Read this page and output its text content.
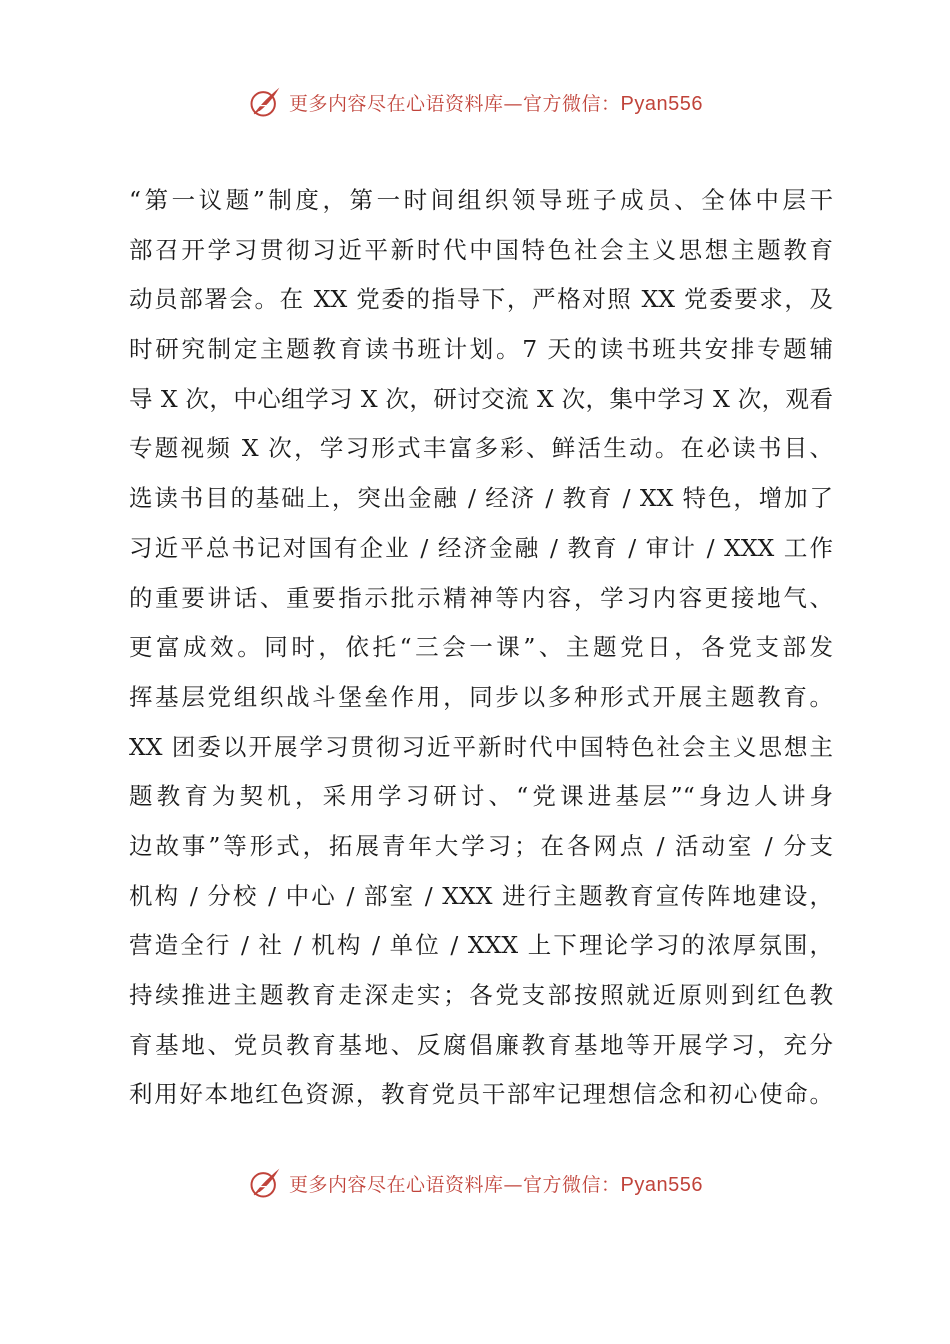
更多内容尽在心语资料库—官方微信：Pyan556
“第一议题”制度，第一时间组织领导班子成员、全体中层干
部召开学习贯彻习近平新时代中国特色社会主义思想主题教育
动员部署会。在 XX 党委的指导下，严格对照 XX 党委要求，及
时研究制定主题教育读书班计划。7 天的读书班共安排专题辅
导 X 次，中心组学习 X 次，研讨交流 X 次，集中学习 X 次，观看
专题视频 X 次，学习形式丰富多彩、鲜活生动。在必读书目、
选读书目的基础上，突出金融 / 经济 / 教育 / XX 特色，增加了
习近平总书记对国有企业 / 经济金融 / 教育 / 审计 / XXX 工作
的重要讲话、重要指示批示精神等内容，学习内容更接地气、
更富成效。同时，依托“三会一课”、主题党日，各党支部发
挥基层党组织战斗堡垒作用，同步以多种形式开展主题教育。
XX 团委以开展学习贯彻习近平新时代中国特色社会主义思想主
题教育为契机，采用学习研讨、“党课进基层”“身边人讲身
边故事”等形式，拓展青年大学习；在各网点 / 活动室 / 分支
机构 / 分校 / 中心 / 部室 / XXX 进行主题教育宣传阵地建设，
营造全行 / 社 / 机构 / 单位 / XXX 上下理论学习的浓厚氛围，
持续推进主题教育走深走实；各党支部按照就近原则到红色教
育基地、党员教育基地、反腐倡廉教育基地等开展学习，充分
利用好本地红色资源，教育党员干部牢记理想信念和初心使命。
更多内容尽在心语资料库—官方微信：Pyan556
